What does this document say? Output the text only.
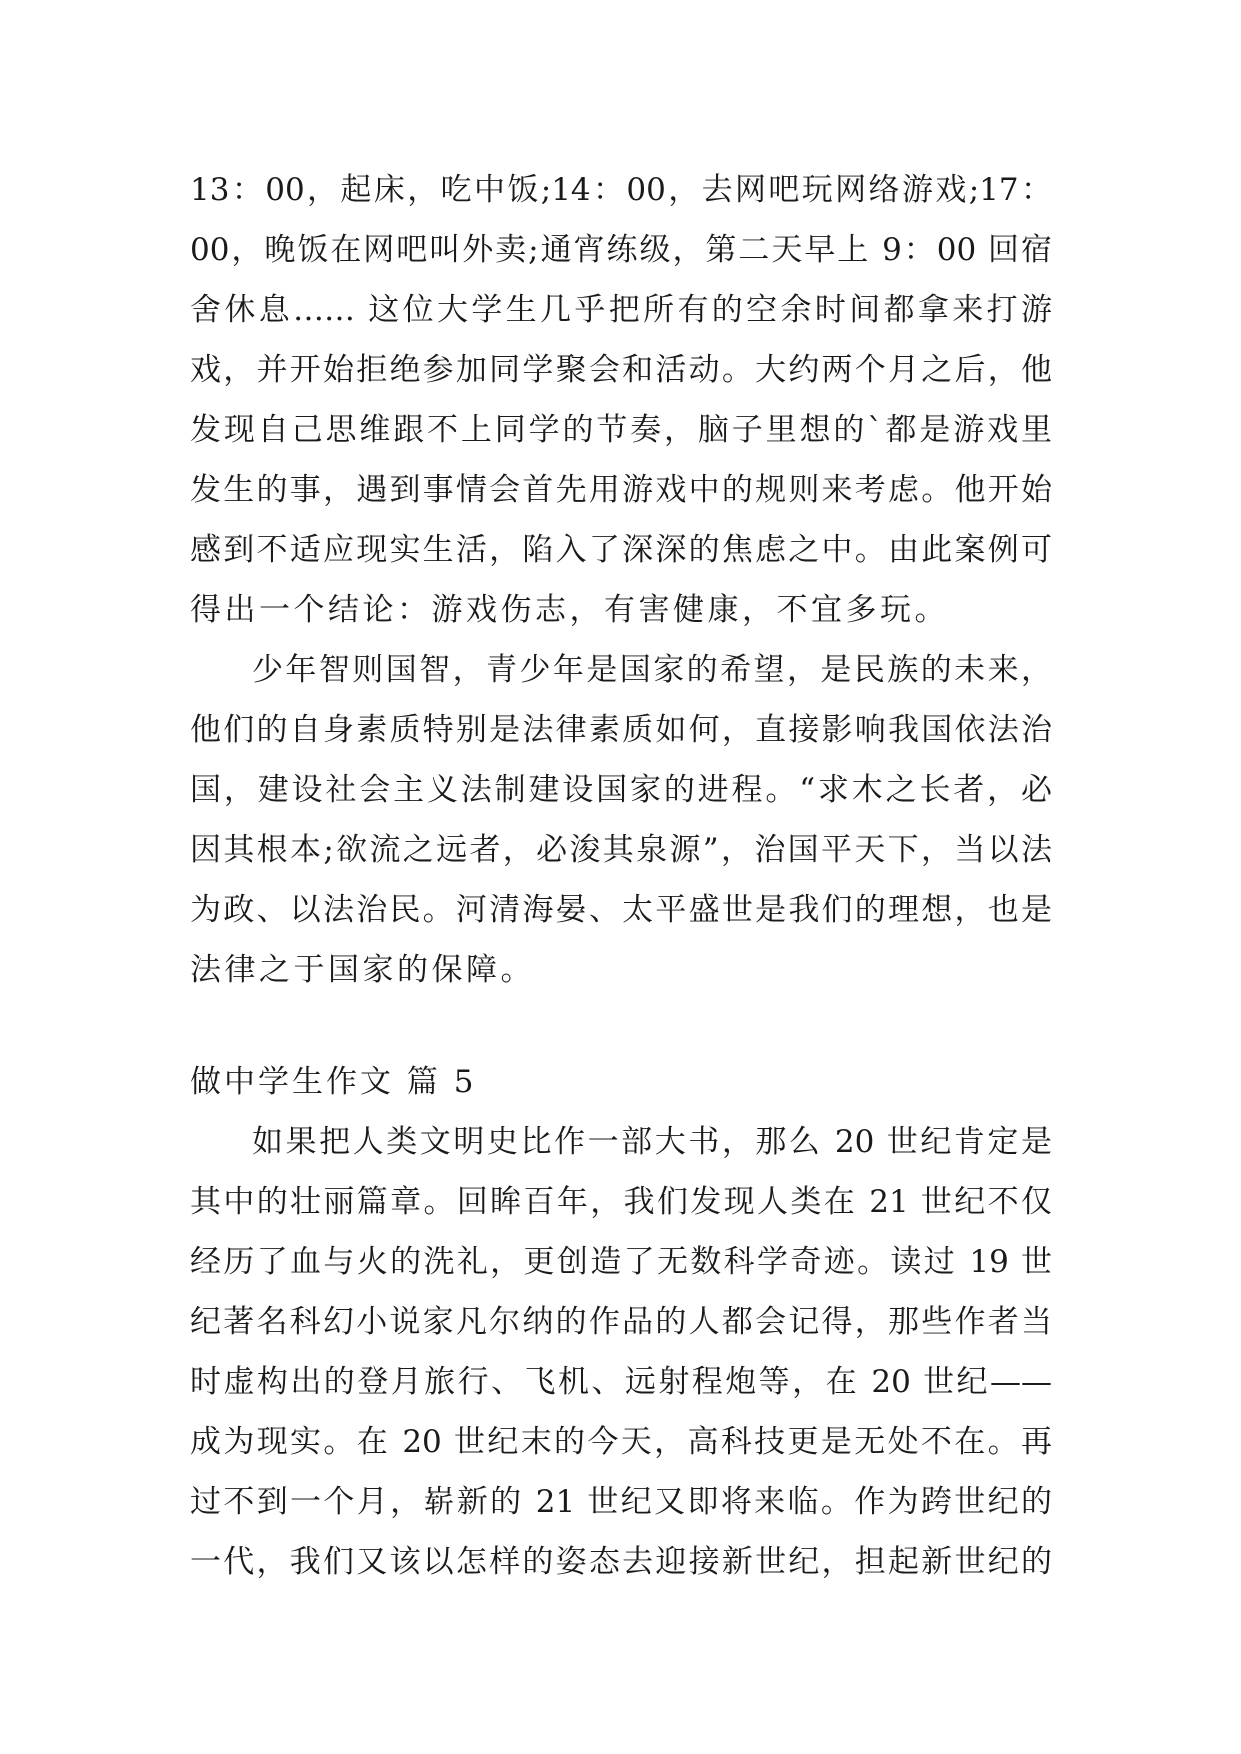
13：00，起床，吃中饭;14：00，去网吧玩网络游戏;17：
00，晚饭在网吧叫外卖;通宵练级，第二天早上 9：00 回宿
舍休息…… 这位大学生几乎把所有的空余时间都拿来打游
戏，并开始拒绝参加同学聚会和活动。大约两个月之后，他
发现自己思维跟不上同学的节奏，脑子里想的`都是游戏里
发生的事，遇到事情会首先用游戏中的规则来考虑。他开始
感到不适应现实生活，陷入了深深的焦虑之中。由此案例可
得出一个结论：游戏伤志，有害健康，不宜多玩。
少年智则国智，青少年是国家的希望，是民族的未来，
他们的自身素质特别是法律素质如何，直接影响我国依法治
国，建设社会主义法制建设国家的进程。“求木之长者，必
因其根本;欲流之远者，必浚其泉源”，治国平天下，当以法
为政、以法治民。河清海晏、太平盛世是我们的理想，也是
法律之于国家的保障。
做中学生作文 篇 5
如果把人类文明史比作一部大书，那么 20 世纪肯定是
其中的壮丽篇章。回眸百年，我们发现人类在 21 世纪不仅
经历了血与火的洗礼，更创造了无数科学奇迹。读过 19 世
纪著名科幻小说家凡尔纳的作品的人都会记得，那些作者当
时虚构出的登月旅行、飞机、远射程炮等，在 20 世纪——
成为现实。在 20 世纪末的今天，高科技更是无处不在。再
过不到一个月，崭新的 21 世纪又即将来临。作为跨世纪的
一代，我们又该以怎样的姿态去迎接新世纪，担起新世纪的
